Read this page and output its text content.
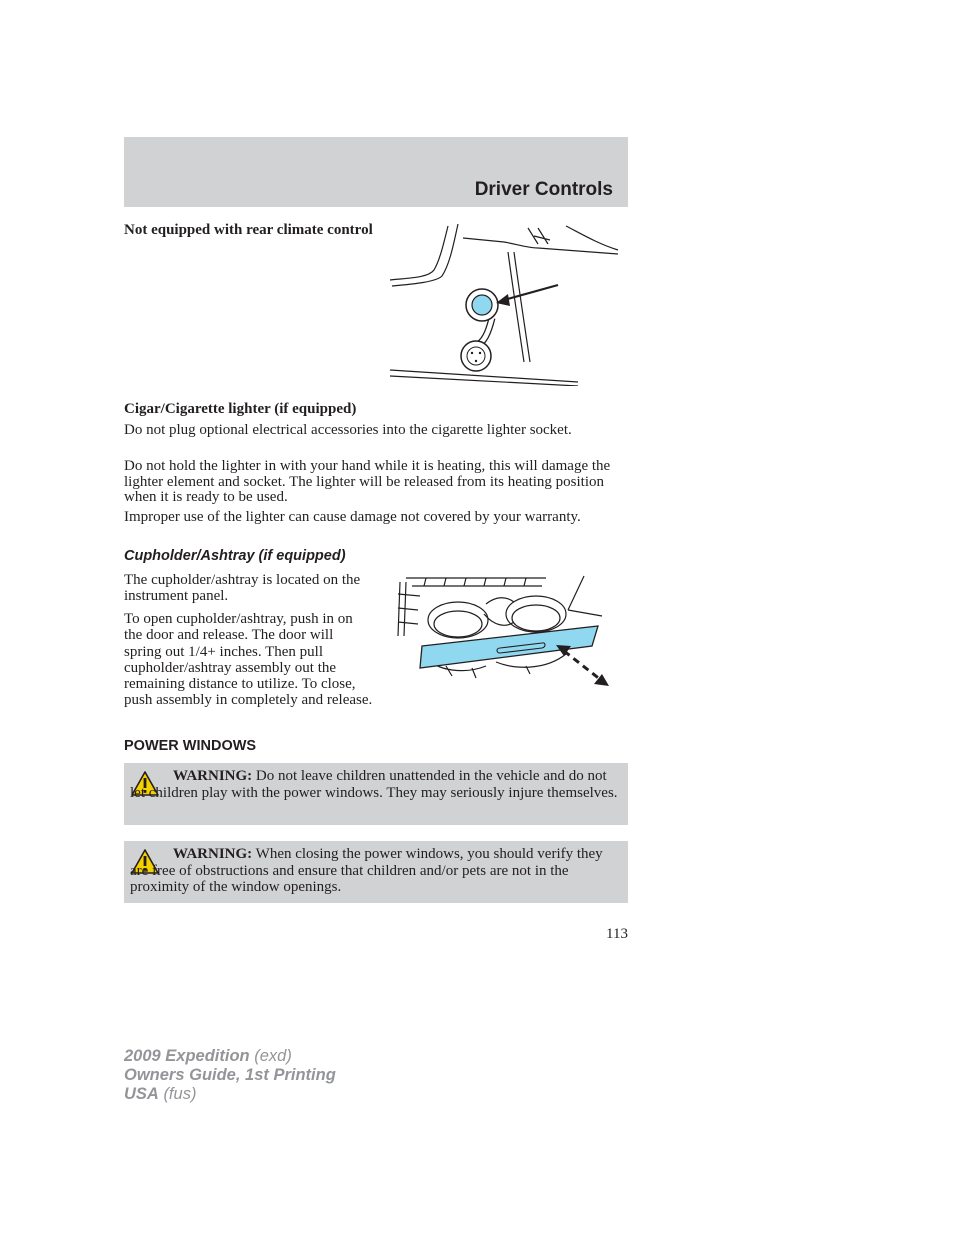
Driver Controls

Not equipped with rear climate control

Cigar/Cigarette lighter (if equipped)

Do not plug optional electrical accessories into the cigarette lighter socket.

Do not hold the lighter in with your hand while it is heating, this will damage the lighter element and socket. The lighter will be released from its heating position when it is ready to be used.

Improper use of the lighter can cause damage not covered by your warranty.

Cupholder/Ashtray (if equipped)

The cupholder/ashtray is located on the instrument panel.

To open cupholder/ashtray, push in on the door and release. The door will spring out 1/4+ inches. Then pull cupholder/ashtray assembly out the remaining distance to utilize. To close, push assembly in completely and release.

POWER WINDOWS

WARNING: Do not leave children unattended in the vehicle and do not let children play with the power windows. They may seriously injure themselves.
WARNING: When closing the power windows, you should verify they are free of obstructions and ensure that children and/or pets are not in the proximity of the window openings.

113

2009 Expedition (exd)
Owners Guide, 1st Printing
USA (fus)
